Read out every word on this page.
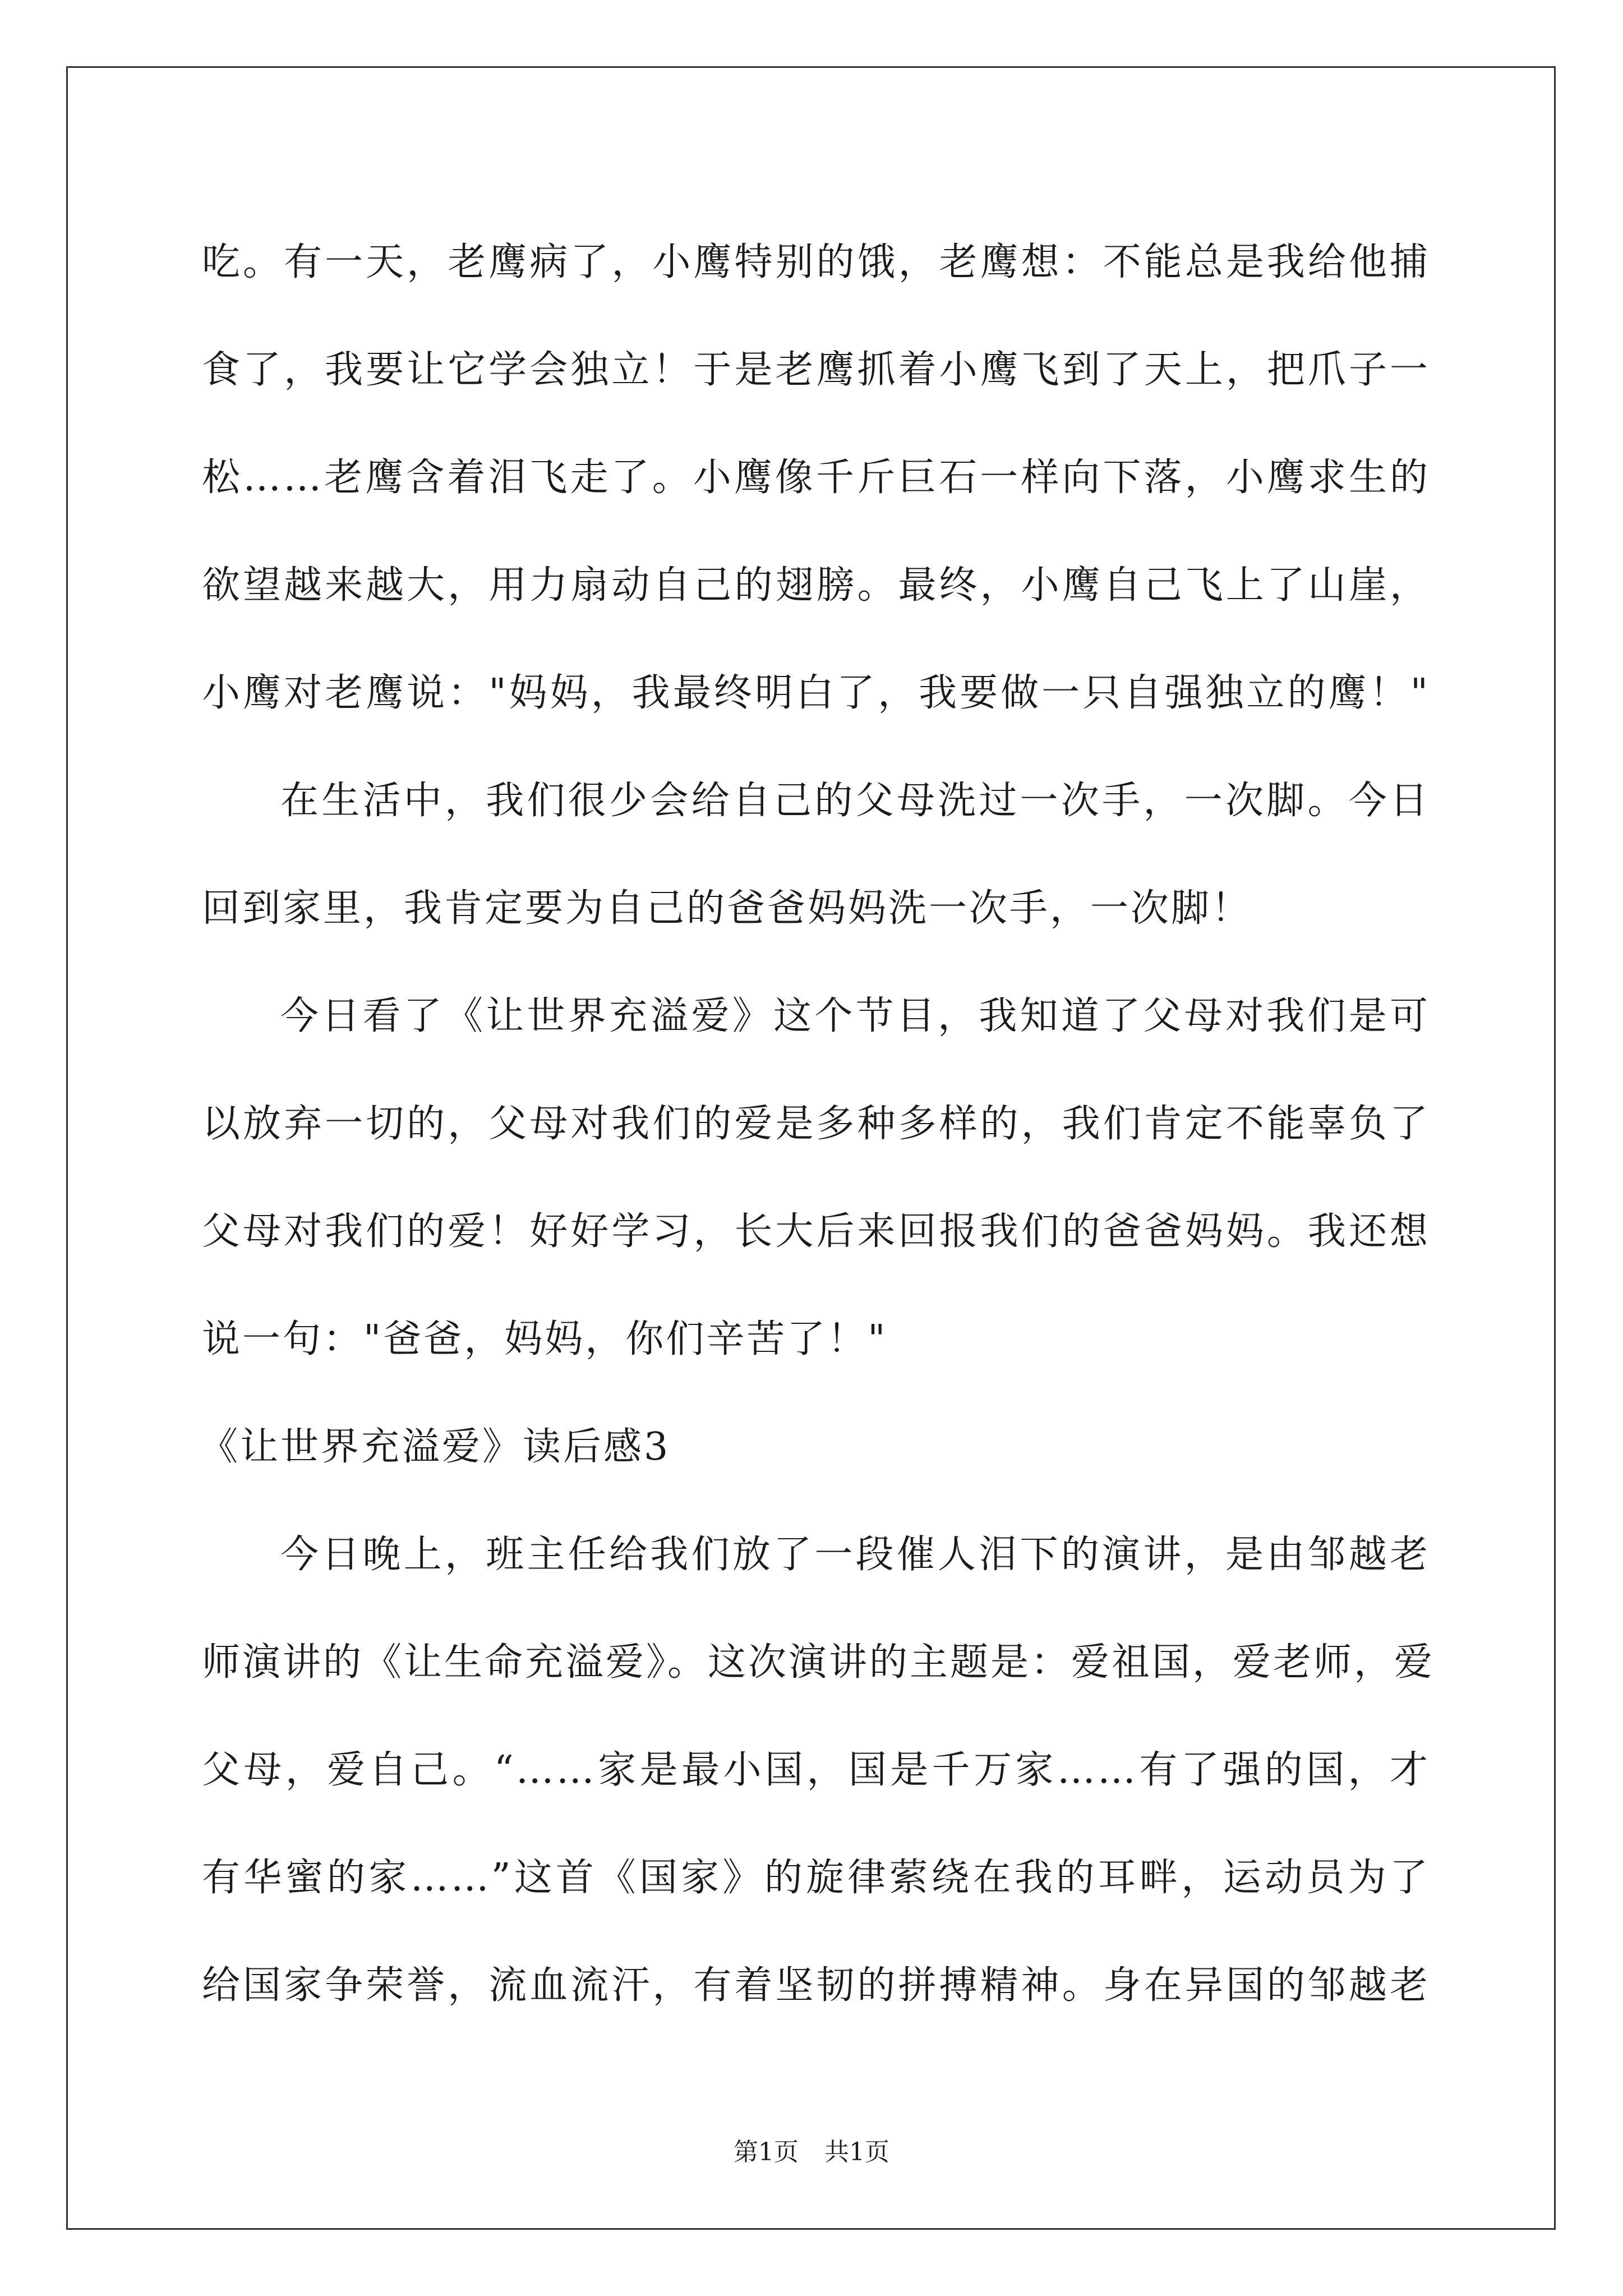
吃。有一天，老鹰病了，小鹰特别的饿，老鹰想：不能总是我给他捕
食了，我要让它学会独立！于是老鹰抓着小鹰飞到了天上，把爪子一
松……老鹰含着泪飞走了。小鹰像千斤巨石一样向下落，小鹰求生的
欲望越来越大，用力扇动自己的翅膀。最终，小鹰自己飞上了山崖，
小鹰对老鹰说："妈妈，我最终明白了，我要做一只自强独立的鹰！"
在生活中，我们很少会给自己的父母洗过一次手，一次脚。今日
回到家里，我肯定要为自己的爸爸妈妈洗一次手，一次脚！
今日看了《让世界充溢爱》这个节目，我知道了父母对我们是可
以放弃一切的，父母对我们的爱是多种多样的，我们肯定不能辜负了
父母对我们的爱！好好学习，长大后来回报我们的爸爸妈妈。我还想
说一句："爸爸，妈妈，你们辛苦了！"
《让世界充溢爱》读后感3
今日晚上，班主任给我们放了一段催人泪下的演讲，是由邹越老
师演讲的《让生命充溢爱》。这次演讲的主题是：爱祖国，爱老师，爱
父母，爱自己。“……家是最小国，国是千万家……有了强的国，才
有华蜜的家……”这首《国家》的旋律萦绕在我的耳畔，运动员为了
给国家争荣誉，流血流汗，有着坚韧的拼搏精神。身在异国的邹越老
第1页 共1页
